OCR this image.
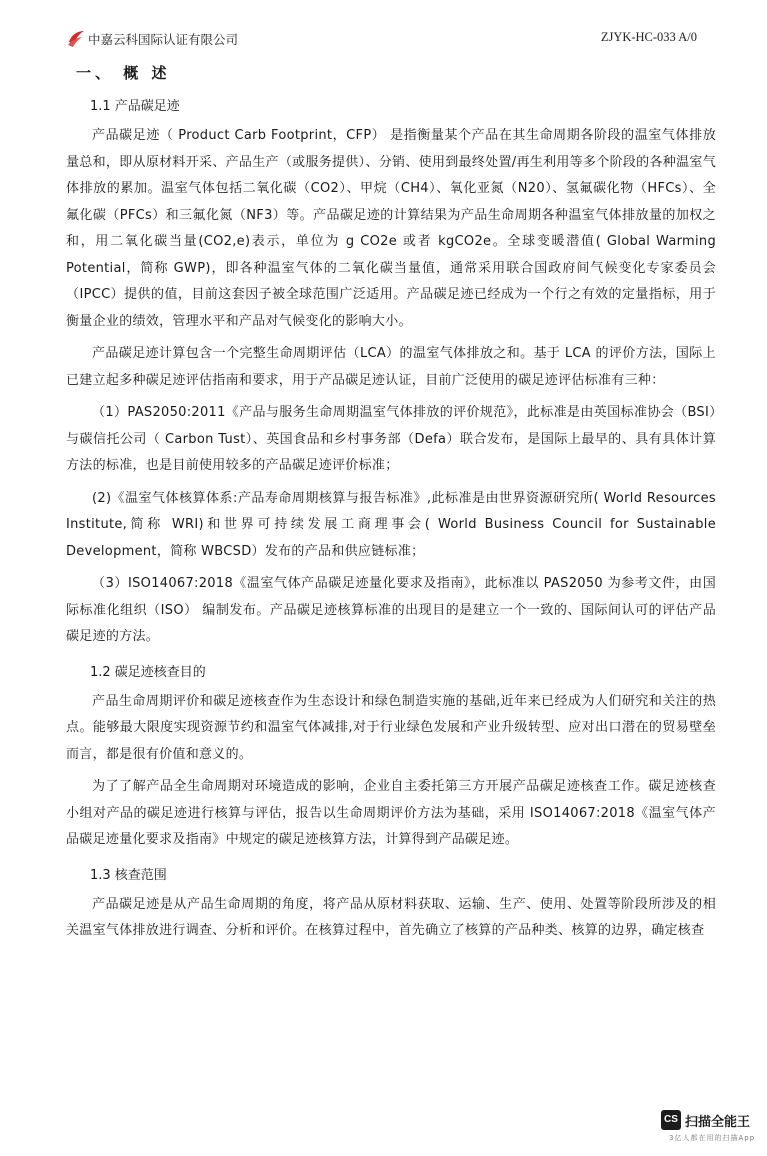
中嘉云科国际认证有限公司	ZJYK-HC-033 A/0
一、 概 述
1.1 产品碳足迹

产品碳足迹（ Product Carb Footprint，CFP） 是指衡量某个产品在其生命周期各阶段的温室气体排放量总和，即从原材料开采、产品生产（或服务提供）、分销、使用到最终处置/再生利用等多个阶段的各种温室气体排放的累加。温室气体包括二氧化碳（CO2）、甲烷（CH4）、氧化亚氮（N20）、氢氟碳化物（HFCs）、全氟化碳（PFCs）和三氟化氮（NF3）等。产品碳足迹的计算结果为产品生命周期各种温室气体排放量的加权之和，用二氧化碳当量(CO2,e)表示，单位为 g CO2e 或者 kgCO2e。全球变暖潜值( Global Warming Potential，简称 GWP)，即各种温室气体的二氧化碳当量值，通常采用联合国政府间气候变化专家委员会（IPCC）提供的值，目前这套因子被全球范围广泛适用。产品碳足迹已经成为一个行之有效的定量指标，用于衡量企业的绩效，管理水平和产品对气候变化的影响大小。

产品碳足迹计算包含一个完整生命周期评估（LCA）的温室气体排放之和。基于 LCA 的评价方法，国际上已建立起多种碳足迹评估指南和要求，用于产品碳足迹认证，目前广泛使用的碳足迹评估标准有三种：

（1）PAS2050:2011《产品与服务生命周期温室气体排放的评价规范》，此标准是由英国标准协会（BSI）与碳信托公司（ Carbon Tust）、英国食品和乡村事务部（Defa）联合发布，是国际上最早的、具有具体计算方法的标准，也是目前使用较多的产品碳足迹评价标准；

(2)《温室气体核算体系:产品寿命周期核算与报告标准》,此标准是由世界资源研究所( World Resources Institute,简称 WRI)和世界可持续发展工商理事会( World Business Council for Sustainable Development，简称 WBCSD）发布的产品和供应链标准；

（3）ISO14067:2018《温室气体产品碳足迹量化要求及指南》，此标准以 PAS2050 为参考文件，由国际标准化组织（ISO） 编制发布。产品碳足迹核算标准的出现目的是建立一个一致的、国际间认可的评估产品碳足迹的方法。

1.2 碳足迹核查目的

产品生命周期评价和碳足迹核查作为生态设计和绿色制造实施的基础,近年来已经成为人们研究和关注的热点。能够最大限度实现资源节约和温室气体减排,对于行业绿色发展和产业升级转型、应对出口潜在的贸易壁垒而言，都是很有价值和意义的。

为了了解产品全生命周期对环境造成的影响，企业自主委托第三方开展产品碳足迹核查工作。碳足迹核查小组对产品的碳足迹进行核算与评估，报告以生命周期评价方法为基础，采用 ISO14067:2018《温室气体产品碳足迹量化要求及指南》中规定的碳足迹核算方法，计算得到产品碳足迹。

1.3 核查范围

产品碳足迹是从产品生命周期的角度，将产品从原材料获取、运输、生产、使用、处置等阶段所涉及的相关温室气体排放进行调查、分析和评价。在核算过程中，首先确立了核算的产品种类、核算的边界，确定核查

CS 扫描全能王
3亿人都在用的扫描App
